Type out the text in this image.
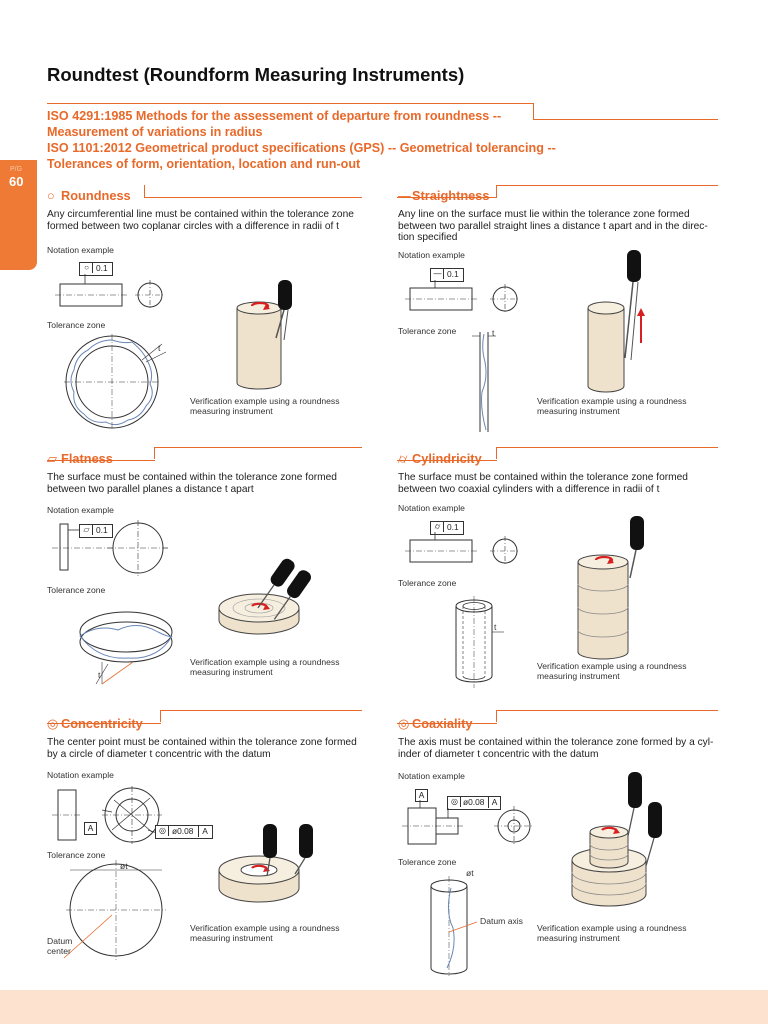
Roundtest (Roundform Measuring Instruments)
ISO 4291:1985 Methods for the assessement of departure from roundness --
Measurement of variations in radius
ISO 1101:2012 Geometrical product specifications (GPS) -- Geometrical tolerancing --
Tolerances of form, orientation, location and run-out
P/G
60
○ Roundness
Any circumferential line must be contained within the tolerance zone
formed between two coplanar circles with a difference in radii of t
Notation example
Tolerance zone
Verification example using a roundness
measuring instrument
○ 0.1
t
—Straightness
Any line on the surface must lie within the tolerance zone formed
between two parallel straight lines a distance t apart and in the direc-
tion specified
Notation example
Tolerance zone
Verification example using a roundness
measuring instrument
— 0.1
t
▱ Flatness
The surface must be contained within the tolerance zone formed
between two parallel planes a distance t apart
Notation example
Tolerance zone
Verification example using a roundness
measuring instrument
▱ 0.1
t
⌭ Cylindricity
The surface must be contained within the tolerance zone formed
between two coaxial cylinders with a difference in radii of t
Notation example
Tolerance zone
Verification example using a roundness
measuring instrument
⌭ 0.1
t
◎ Concentricity
The center point must be contained within the tolerance zone formed
by a circle of diameter t concentric with the datum
Notation example
Tolerance zone
Verification example using a roundness
measuring instrument
A	◎ ø0.08	A
øt
Datum
center
◎ Coaxiality
The axis must be contained within the tolerance zone formed by a cyl-
inder of diameter t concentric with the datum
Notation example
Tolerance zone
Verification example using a roundness
measuring instrument
A
◎ ø0.08 A
øt
Datum axis
